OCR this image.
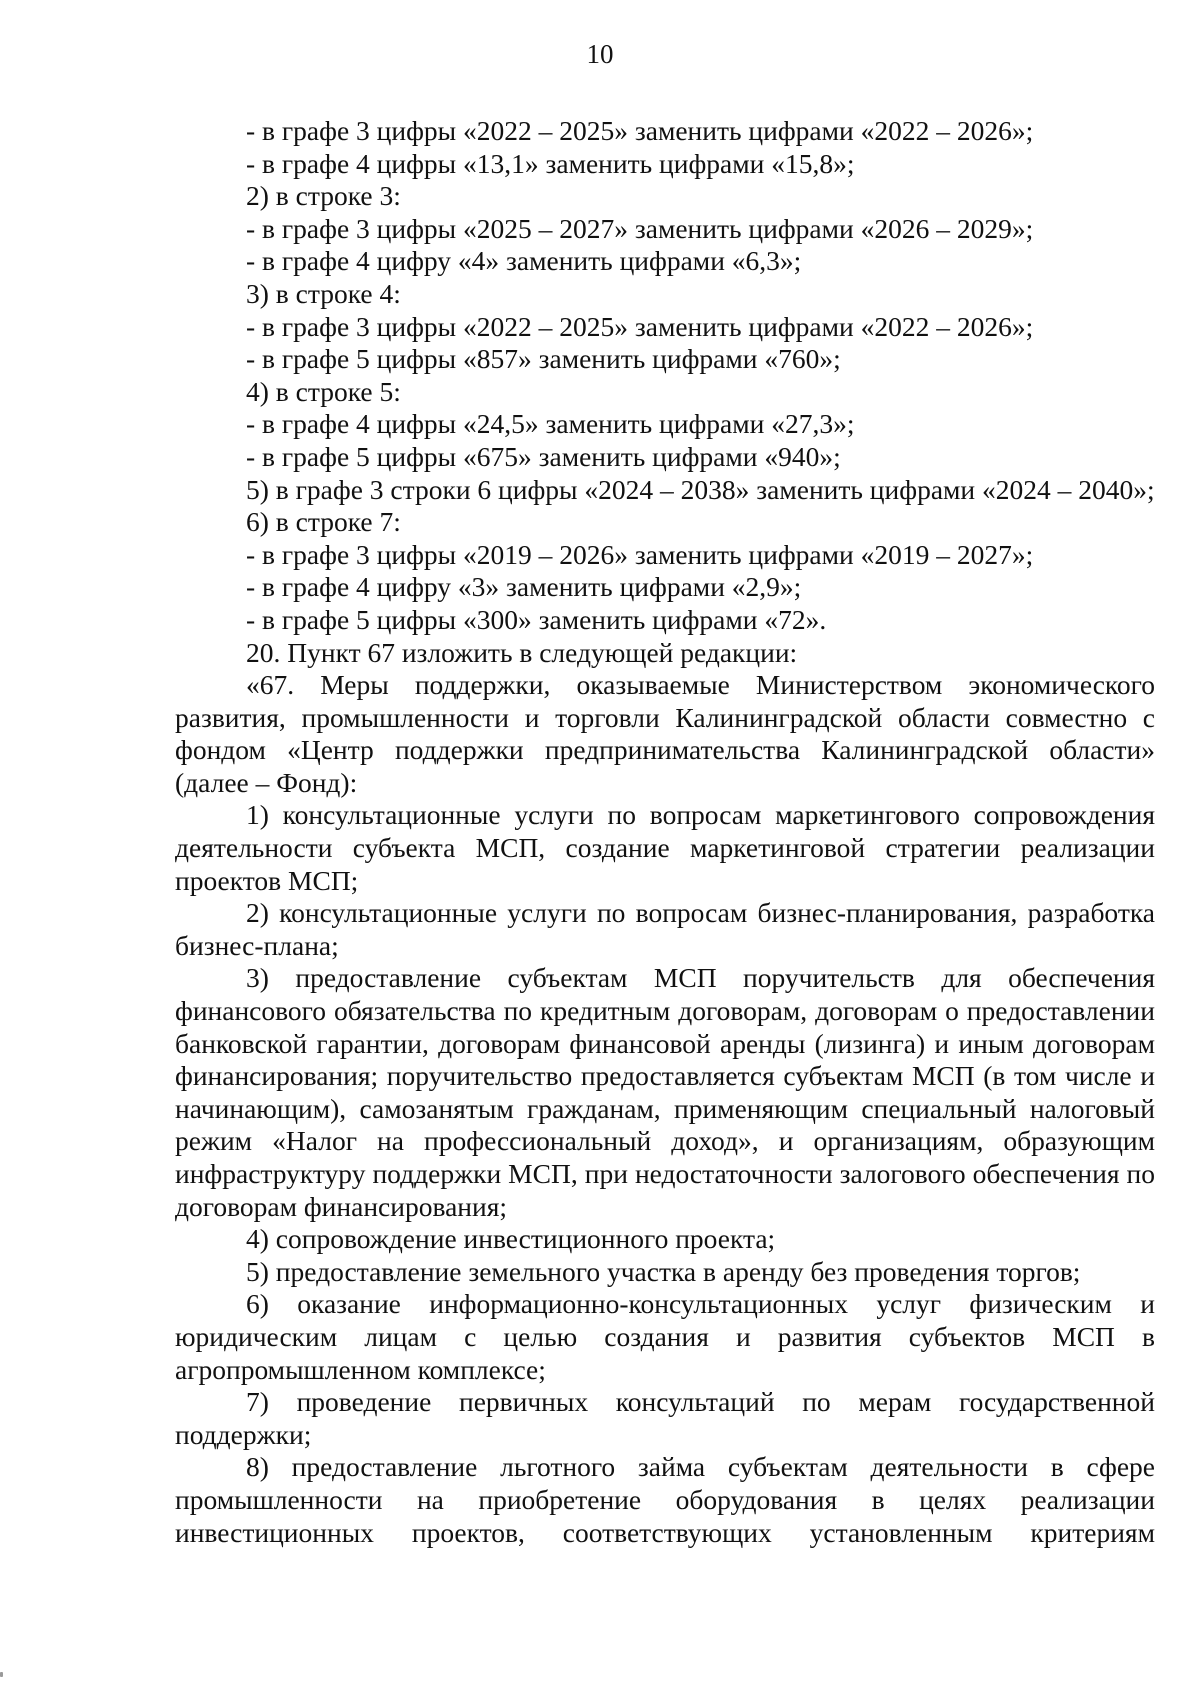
10

- в графе 3 цифры «2022 – 2025» заменить цифрами «2022 – 2026»;

- в графе 4 цифры «13,1» заменить цифрами «15,8»;

2) в строке 3:

- в графе 3 цифры «2025 – 2027» заменить цифрами «2026 – 2029»;

- в графе 4 цифру «4» заменить цифрами «6,3»;

3) в строке 4:

- в графе 3 цифры «2022 – 2025» заменить цифрами «2022 – 2026»;

- в графе 5 цифры «857» заменить цифрами «760»;

4) в строке 5:

- в графе 4 цифры «24,5» заменить цифрами «27,3»;

- в графе 5 цифры «675» заменить цифрами «940»;

5) в графе 3 строки 6 цифры «2024 – 2038» заменить цифрами «2024 – 2040»;

6) в строке 7:

- в графе 3 цифры «2019 – 2026» заменить цифрами «2019 – 2027»;

- в графе 4 цифру «3» заменить цифрами «2,9»;

- в графе 5 цифры «300» заменить цифрами «72».

20. Пункт 67 изложить в следующей редакции:

«67. Меры поддержки, оказываемые Министерством экономического развития, промышленности и торговли Калининградской области совместно с фондом «Центр поддержки предпринимательства Калининградской области» (далее – Фонд):

1) консультационные услуги по вопросам маркетингового сопровождения деятельности субъекта МСП, создание маркетинговой стратегии реализации проектов МСП;

2) консультационные услуги по вопросам бизнес-планирования, разработка бизнес-плана;

3) предоставление субъектам МСП поручительств для обеспечения финансового обязательства по кредитным договорам, договорам о предоставлении банковской гарантии, договорам финансовой аренды (лизинга) и иным договорам финансирования; поручительство предоставляется субъектам МСП (в том числе и начинающим), самозанятым гражданам, применяющим специальный налоговый режим «Налог на профессиональный доход», и организациям, образующим инфраструктуру поддержки МСП, при недостаточности залогового обеспечения по договорам финансирования;

4) сопровождение инвестиционного проекта;

5) предоставление земельного участка в аренду без проведения торгов;

6) оказание информационно-консультационных услуг физическим и юридическим лицам с целью создания и развития субъектов МСП в агропромышленном комплексе;

7) проведение первичных консультаций по мерам государственной поддержки;

8) предоставление льготного займа субъектам деятельности в сфере промышленности на приобретение оборудования в целях реализации инвестиционных проектов, соответствующих установленным критериям
